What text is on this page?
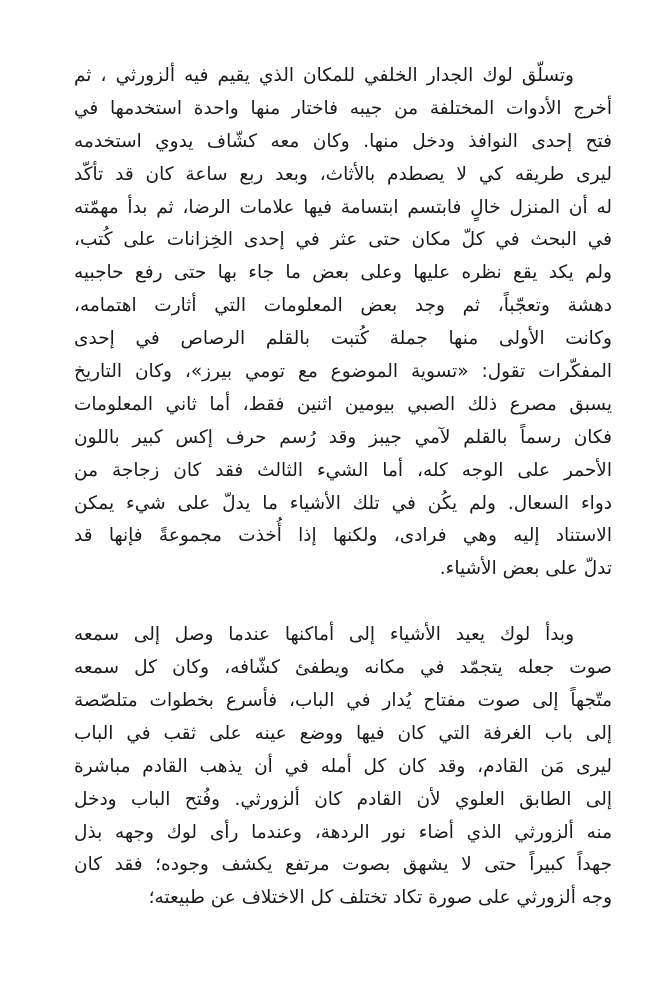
وتسلّق لوك الجدار الخلفي للمكان الذي يقيم فيه ألزورثي ، ثم
أخرج الأدوات المختلفة من جيبه فاختار منها واحدة استخدمها في
فتح إحدى النوافذ ودخل منها. وكان معه كشّاف يدوي استخدمه
ليرى طريقه كي لا يصطدم بالأثاث، وبعد ربع ساعة كان قد تأكّد
له أن المنزل خالٍ فابتسم ابتسامة فيها علامات الرضا، ثم بدأ مهمّته
في البحث في كلّ مكان حتى عثر في إحدى الخِزانات على كُتب،
ولم يكد يقع نظره عليها وعلى بعض ما جاء بها حتى رفع حاجبيه
دهشة وتعجّباً، ثم وجد بعض المعلومات التي أثارت اهتمامه،
وكانت الأولى منها جملة كُتبت بالقلم الرصاص في إحدى
المفكّرات تقول: «تسوية الموضوع مع تومي بيرز»، وكان التاريخ
يسبق مصرع ذلك الصبي بيومين اثنين فقط، أما ثاني المعلومات
فكان رسماً بالقلم لآمي جيبز وقد رُسم حرف إكس كبير باللون
الأحمر على الوجه كله، أما الشيء الثالث فقد كان زجاجة من
دواء السعال. ولم يكُن في تلك الأشياء ما يدلّ على شيء يمكن
الاستناد إليه وهي فرادى، ولكنها إذا أُخذت مجموعةً فإنها قد
تدلّ على بعض الأشياء.

وبدأ لوك يعيد الأشياء إلى أماكنها عندما وصل إلى سمعه
صوت جعله يتجمّد في مكانه ويطفئ كشّافه، وكان كل سمعه
متّجهاً إلى صوت مفتاح يُدار في الباب، فأسرع بخطوات متلصّصة
إلى باب الغرفة التي كان فيها ووضع عينه على ثقب في الباب
ليرى مَن القادم، وقد كان كل أمله في أن يذهب القادم مباشرة
إلى الطابق العلوي لأن القادم كان ألزورثي. وفُتح الباب ودخل
منه ألزورثي الذي أضاء نور الردهة، وعندما رأى لوك وجهه بذل
جهداً كبيراً حتى لا يشهق بصوت مرتفع يكشف وجوده؛ فقد كان
وجه ألزورثي على صورة تكاد تختلف كل الاختلاف عن طبيعته؛
